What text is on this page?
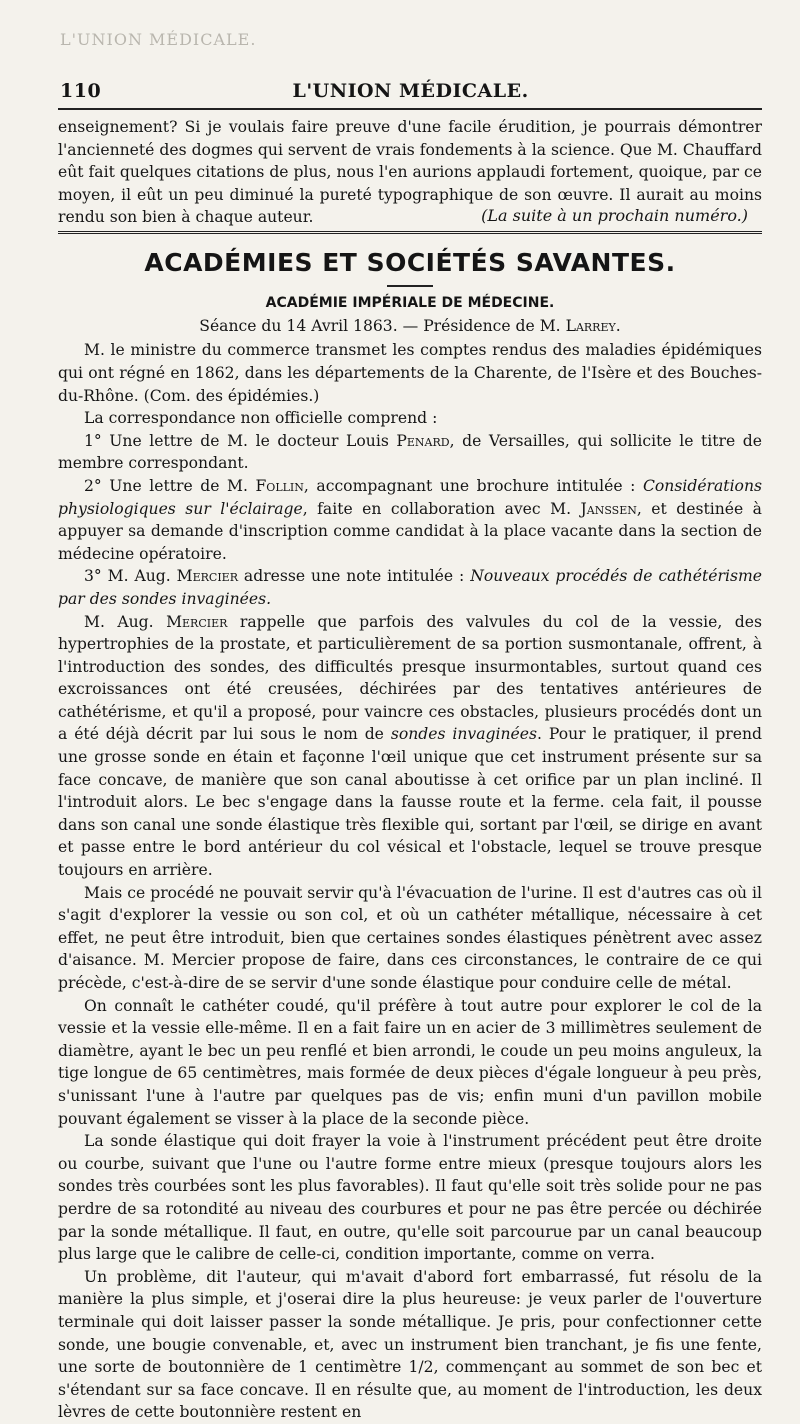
L'UNION MÉDICALE.
110	L'UNION MÉDICALE.

enseignement? Si je voulais faire preuve d'une facile érudition, je pourrais démontrer l'ancienneté des dogmes qui servent de vrais fondements à la science. Que M. Chauffard eût fait quelques citations de plus, nous l'en aurions applaudi fortement, quoique, par ce moyen, il eût un peu diminué la pureté typographique de son œuvre. Il aurait au moins rendu son bien à chaque auteur.	(La suite à un prochain numéro.)
ACADÉMIES ET SOCIÉTÉS SAVANTES.
ACADÉMIE IMPÉRIALE DE MÉDECINE.
Séance du 14 Avril 1863. — Présidence de M. Larrey.

M. le ministre du commerce transmet les comptes rendus des maladies épidémiques qui ont régné en 1862, dans les départements de la Charente, de l'Isère et des Bouches-du-Rhône. (Com. des épidémies.)

La correspondance non officielle comprend :

1° Une lettre de M. le docteur Louis Penard, de Versailles, qui sollicite le titre de membre correspondant.

2° Une lettre de M. Follin, accompagnant une brochure intitulée : Considérations physiologiques sur l'éclairage, faite en collaboration avec M. Janssen, et destinée à appuyer sa demande d'inscription comme candidat à la place vacante dans la section de médecine opératoire.

3° M. Aug. Mercier adresse une note intitulée : Nouveaux procédés de cathétérisme par des sondes invaginées.

M. Aug. Mercier rappelle que parfois des valvules du col de la vessie, des hypertrophies de la prostate, et particulièrement de sa portion susmontanale, offrent, à l'introduction des sondes, des difficultés presque insurmontables, surtout quand ces excroissances ont été creusées, déchirées par des tentatives antérieures de cathétérisme, et qu'il a proposé, pour vaincre ces obstacles, plusieurs procédés dont un a été déjà décrit par lui sous le nom de sondes invaginées. Pour le pratiquer, il prend une grosse sonde en étain et façonne l'œil unique que cet instrument présente sur sa face concave, de manière que son canal aboutisse à cet orifice par un plan incliné. Il l'introduit alors. Le bec s'engage dans la fausse route et la ferme. cela fait, il pousse dans son canal une sonde élastique très flexible qui, sortant par l'œil, se dirige en avant et passe entre le bord antérieur du col vésical et l'obstacle, lequel se trouve presque toujours en arrière.

Mais ce procédé ne pouvait servir qu'à l'évacuation de l'urine. Il est d'autres cas où il s'agit d'explorer la vessie ou son col, et où un cathéter métallique, nécessaire à cet effet, ne peut être introduit, bien que certaines sondes élastiques pénètrent avec assez d'aisance. M. Mercier propose de faire, dans ces circonstances, le contraire de ce qui précède, c'est-à-dire de se servir d'une sonde élastique pour conduire celle de métal.

On connaît le cathéter coudé, qu'il préfère à tout autre pour explorer le col de la vessie et la vessie elle-même. Il en a fait faire un en acier de 3 millimètres seulement de diamètre, ayant le bec un peu renflé et bien arrondi, le coude un peu moins anguleux, la tige longue de 65 centimètres, mais formée de deux pièces d'égale longueur à peu près, s'unissant l'une à l'autre par quelques pas de vis; enfin muni d'un pavillon mobile pouvant également se visser à la place de la seconde pièce.

La sonde élastique qui doit frayer la voie à l'instrument précédent peut être droite ou courbe, suivant que l'une ou l'autre forme entre mieux (presque toujours alors les sondes très courbées sont les plus favorables). Il faut qu'elle soit très solide pour ne pas perdre de sa rotondité au niveau des courbures et pour ne pas être percée ou déchirée par la sonde métallique. Il faut, en outre, qu'elle soit parcourue par un canal beaucoup plus large que le calibre de celle-ci, condition importante, comme on verra.

Un problème, dit l'auteur, qui m'avait d'abord fort embarrassé, fut résolu de la manière la plus simple, et j'oserai dire la plus heureuse: je veux parler de l'ouverture terminale qui doit laisser passer la sonde métallique. Je pris, pour confectionner cette sonde, une bougie convenable, et, avec un instrument bien tranchant, je fis une fente, une sorte de boutonnière de 1 centimètre 1/2, commençant au sommet de son bec et s'étendant sur sa face concave. Il en résulte que, au moment de l'introduction, les deux lèvres de cette boutonnière restent en
